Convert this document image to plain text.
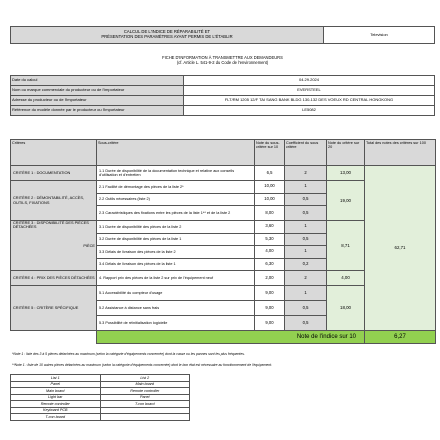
CALCUL DE L'INDICE DE RÉPARABILITÉ ET
PRÉSENTATION DES PARAMÈTRES AYANT PERMIS DE L'ÉTABLIR	Television
FICHE D'INFORMATION À TRANSMETTRE AUX DEMANDEURS
(cf. Article L. 541-9-2 du Code de l'environnement)
Date du calcul	04.29.2024
Nom ou marque commerciale du producteur ou de l'importateur	EVERSTEEL
Adresse du producteur ou de l'importateur	FLT/RM 1205 12/F TAI SANG BANK BLDG 130-132 DES VOEUX RD CENTRAL HONGKONG
Référence du modèle donnée par le producteur ou l'importateur	LE5082
Critères	Sous-critère	Note du sous-critère sur 10	Coefficient du sous critère	Note du critère sur 20	Total des notes des critères sur 100
CRITÈRE 1 : DOCUMENTATION	1.1 Durée de disponibilité de la documentation technique et relative aux conseils d'utilisation et d'entretien	6,5	2	13,00	62,71
CRITÈRE 2 : DÉMONTABILITÉ, ACCÈS, OUTILS, FIXATIONS	2.1 Facilité de démontage des pièces de la liste 2*	10,00	1	19,00	
	2.2 Outils nécessaires (liste 2)	10,00	0,5		
	2.3 Caractéristiques des fixations entre les pièces de la liste 1** et de la liste 2	8,00	0,5		

CRITÈRE 3 : DISPONIBILITÉ DES PIÈCES DÉTACHÉES
PIÈCE	3.1 Durée de disponibilité des pièces de la liste 2	3,60	1	8,71	
	3.2 Durée de disponibilité des pièces de la liste 1	5,30	0,5		
	3.3 Délais de livraison des pièces de la liste 2	4,00	1		
	3.4 Délais de livraison des pièces de la liste 1	6,30	0,2		
CRITÈRE 4 : PRIX DES PIÈCES DÉTACHÉES	4. Rapport prix des pièces de la liste 2 sur prix de l'équipement neuf	2,00	2	4,00	
CRITÈRE 5 : CRITÈRE SPÉCIFIQUE	5.1 Accessibilité du compteur d'usage	9,00	1	18,00	
	5.2 Assistance à distance sans frais	9,00	0,5		
	5.3 Possibilité de réinitialisation logicielle	9,00	0,5		
	Note de l'indice sur 10				6,27
*Note 1 : liste des 3 à 5 pièces détachées au maximum (selon la catégorie d'équipements concernée) dont la casse ou les pannes sont les plus fréquentes.
**Note 1 : liste de 10 autres pièces détachées au maximum (selon la catégorie d'équipements concernée) dont le bon état est nécessaire au fonctionnement de l'équipement.
List 1	List 2
Panel	Main board
Main board	Remote controller
Light bar	Panel
Remote controller	T-con board
Keyboard PCB	
T-con board	
